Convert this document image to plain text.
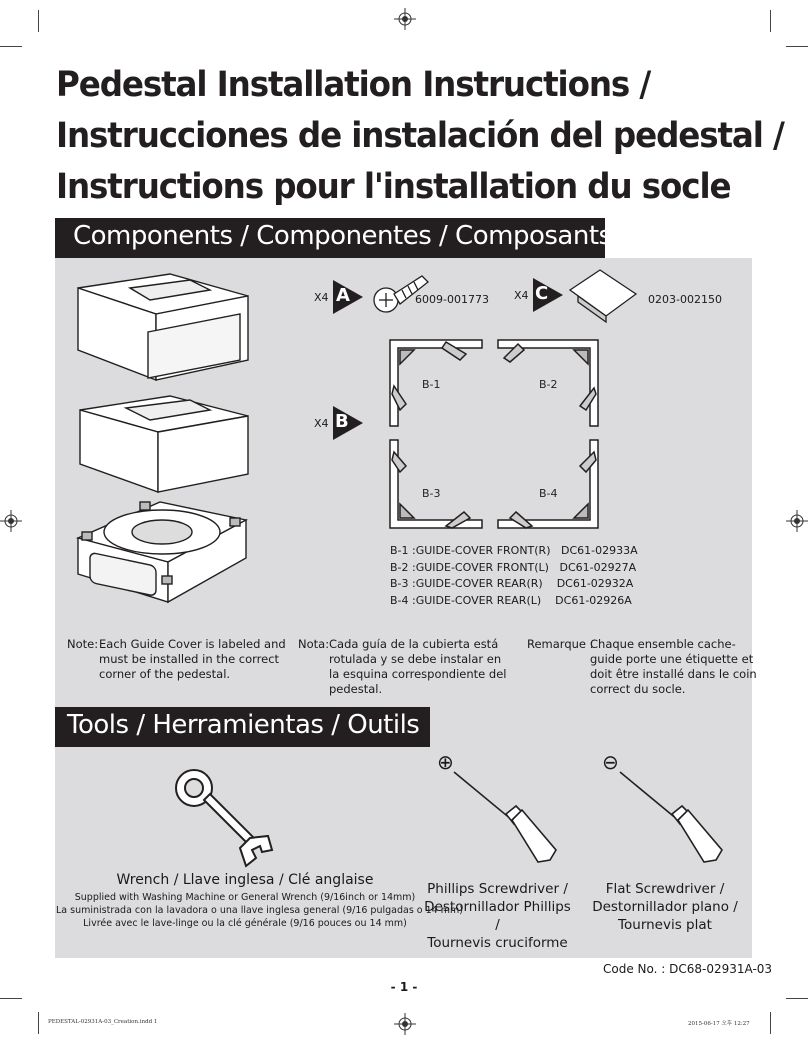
Pedestal Installation Instructions /
Instrucciones de instalación del pedestal /
Instructions pour l'installation du socle
Components / Componentes / Composants
X4 A	6009-001773 X4 C	0203-002150
X4 B
B-1	B-2
B-3	B-4
B-1 :GUIDE-COVER FRONT(R) DC61-02933A
B-2 :GUIDE-COVER FRONT(L) DC61-02927A
B-3 :GUIDE-COVER REAR(R) DC61-02932A
B-4 :GUIDE-COVER REAR(L) DC61-02926A
Note: Each Guide Cover is labeled and
must be installed in the correct
corner of the pedestal.
Nota: Cada guía de la cubierta está
rotulada y se debe instalar en
la esquina correspondiente del
pedestal.
Remarque :
Chaque ensemble cache-
guide porte une étiquette et
doit être installé dans le coin
correct du socle.
Tools / Herramientas / Outils
Wrench / Llave inglesa / Clé anglaise
Supplied with Washing Machine or General Wrench (9/16inch or 14mm)
La suministrada con la lavadora o una llave inglesa general (9/16 pulgadas o 14 mm)
Livrée avec le lave-linge ou la clé générale (9/16 pouces ou 14 mm)
⊕
Phillips Screwdriver /
Destornillador Phillips /
Tournevis cruciforme
⊖
Flat Screwdriver /
Destornillador plano /
Tournevis plat
Code No. : DC68-02931A-03
- 1 -
PEDESTAL-02931A-03_Creation.indd 1	2015-06-17 오후 12:27
